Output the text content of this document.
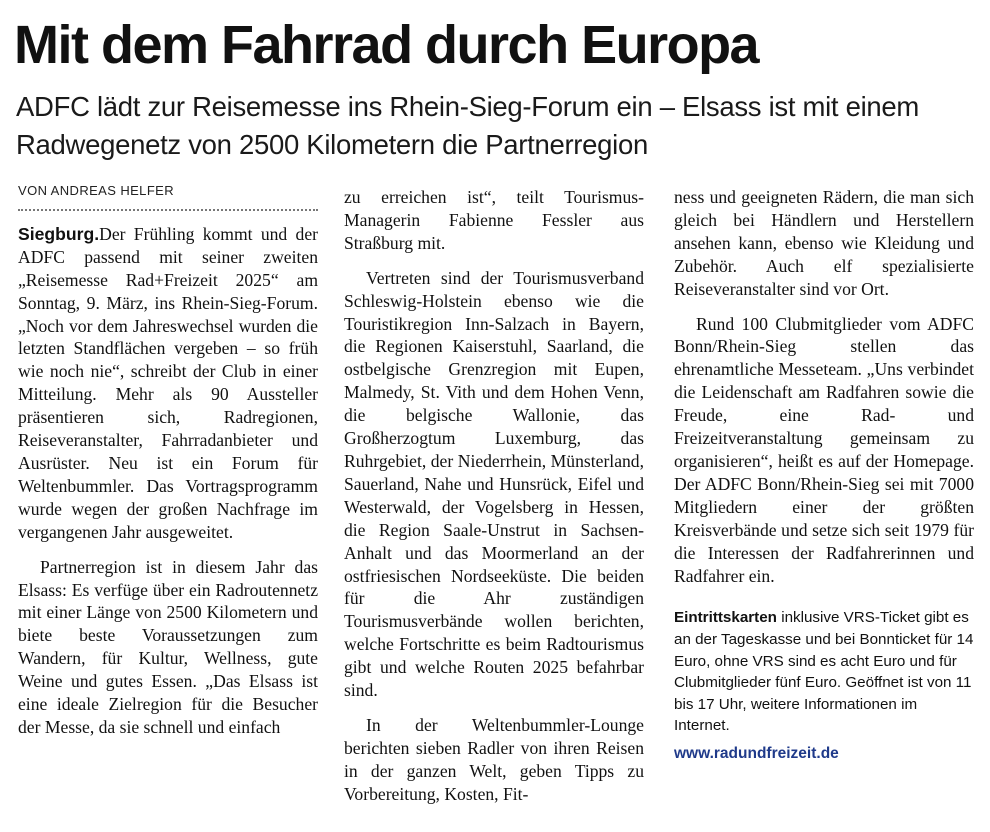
Mit dem Fahrrad durch Europa
ADFC lädt zur Reisemesse ins Rhein-Sieg-Forum ein – Elsass ist mit einem Radwegenetz von 2500 Kilometern die Partnerregion
VON ANDREAS HELFER

Siegburg.Der Frühling kommt und der ADFC passend mit seiner zweiten „Reisemesse Rad+Freizeit 2025“ am Sonntag, 9. März, ins Rhein-Sieg-Forum. „Noch vor dem Jahreswechsel wurden die letzten Standflächen vergeben – so früh wie noch nie“, schreibt der Club in einer Mitteilung. Mehr als 90 Aussteller präsentieren sich, Radregionen, Reiseveranstalter, Fahrradanbieter und Ausrüster. Neu ist ein Forum für Weltenbummler. Das Vortragsprogramm wurde wegen der großen Nachfrage im vergangenen Jahr ausgeweitet.

Partnerregion ist in diesem Jahr das Elsass: Es verfüge über ein Radroutennetz mit einer Länge von 2500 Kilometern und biete beste Voraussetzungen zum Wandern, für Kultur, Wellness, gute Weine und gutes Essen. „Das Elsass ist eine ideale Zielregion für die Besucher der Messe, da sie schnell und einfach

zu erreichen ist“, teilt Tourismus-Managerin Fabienne Fessler aus Straßburg mit.

Vertreten sind der Tourismusverband Schleswig-Holstein ebenso wie die Touristikregion Inn-Salzach in Bayern, die Regionen Kaiserstuhl, Saarland, die ostbelgische Grenzregion mit Eupen, Malmedy, St. Vith und dem Hohen Venn, die belgische Wallonie, das Großherzogtum Luxemburg, das Ruhrgebiet, der Niederrhein, Münsterland, Sauerland, Nahe und Hunsrück, Eifel und Westerwald, der Vogelsberg in Hessen, die Region Saale-Unstrut in Sachsen-Anhalt und das Moormerland an der ostfriesischen Nordseeküste. Die beiden für die Ahr zuständigen Tourismusverbände wollen berichten, welche Fortschritte es beim Radtourismus gibt und welche Routen 2025 befahrbar sind.

In der Weltenbummler-Lounge berichten sieben Radler von ihren Reisen in der ganzen Welt, geben Tipps zu Vorbereitung, Kosten, Fit-

ness und geeigneten Rädern, die man sich gleich bei Händlern und Herstellern ansehen kann, ebenso wie Kleidung und Zubehör. Auch elf spezialisierte Reiseveranstalter sind vor Ort.

Rund 100 Clubmitglieder vom ADFC Bonn/Rhein-Sieg stellen das ehrenamtliche Messeteam. „Uns verbindet die Leidenschaft am Radfahren sowie die Freude, eine Rad- und Freizeitveranstaltung gemeinsam zu organisieren“, heißt es auf der Homepage. Der ADFC Bonn/Rhein-Sieg sei mit 7000 Mitgliedern einer der größten Kreisverbände und setze sich seit 1979 für die Interessen der Radfahrerinnen und Radfahrer ein.

Eintrittskarten inklusive VRS-Ticket gibt es an der Tageskasse und bei Bonnticket für 14 Euro, ohne VRS sind es acht Euro und für Clubmitglieder fünf Euro. Geöffnet ist von 11 bis 17 Uhr, weitere Informationen im Internet.
www.radundfreizeit.de
